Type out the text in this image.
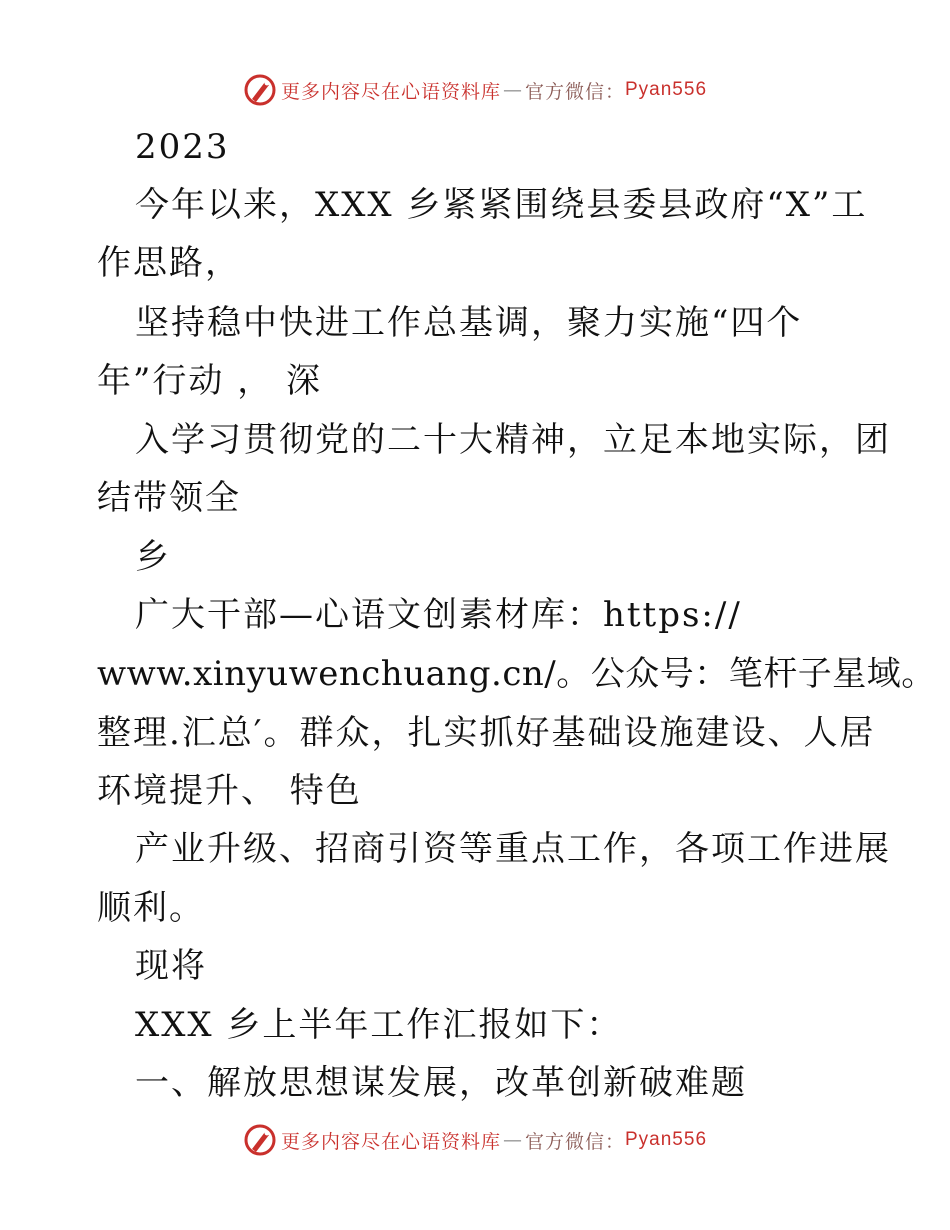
更多内容尽在心语资料库 — 官方微信： Pyan556
2023
今年以来，XXX 乡紧紧围绕县委县政府“X”工
作思路，
坚持稳中快进工作总基调，聚力实施“四个
年”行动 ， 深
入学习贯彻党的二十大精神，立足本地实际，团
结带领全
乡
广大干部—心语文创素材库：https://
www.xinyuwenchuang.cn/。公众号：笔杆子星域。
整理.汇总′。群众，扎实抓好基础设施建设、人居
环境提升、 特色
产业升级、招商引资等重点工作，各项工作进展
顺利。
现将
XXX 乡上半年工作汇报如下：
一、解放思想谋发展，改革创新破难题
更多内容尽在心语资料库 — 官方微信： Pyan556
